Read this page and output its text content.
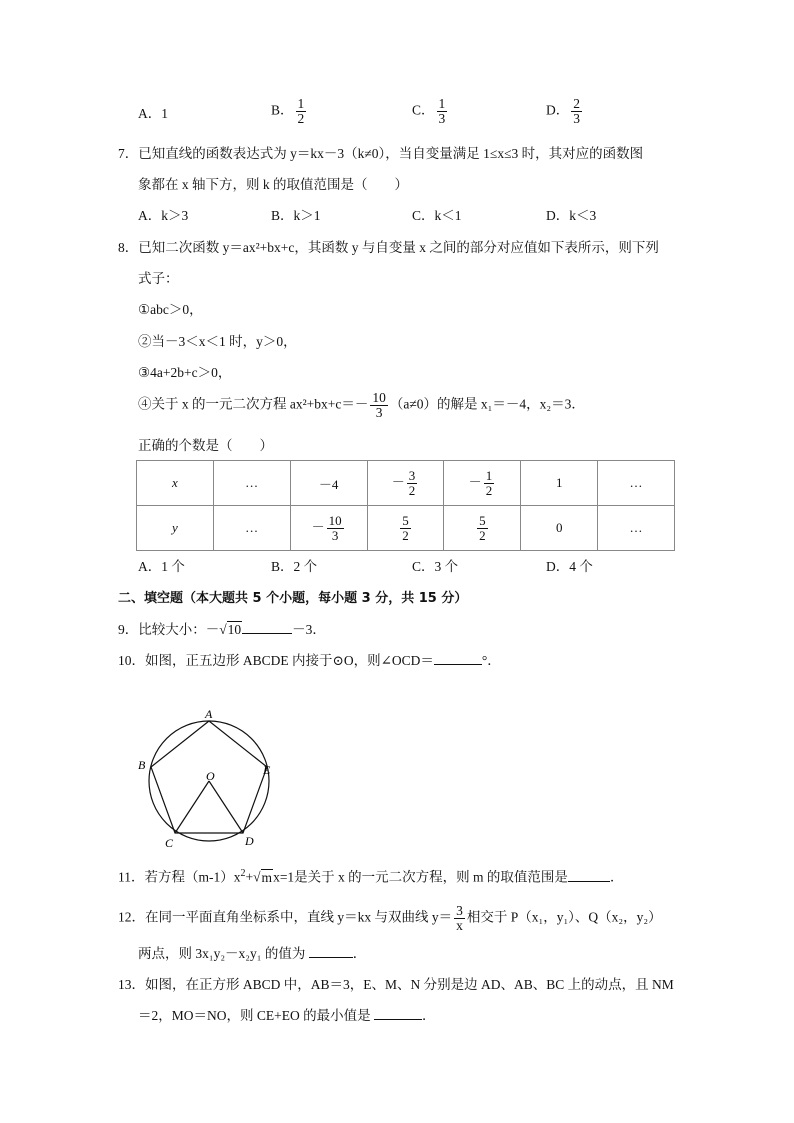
A．1	B． $\frac{1}{2}$	C． $\frac{1}{3}$	D． $\frac{2}{3}$
7．已知直线的函数表达式为 y＝kx－3（k≠0），当自变量满足 1≤x≤3 时，其对应的函数图
象都在 x 轴下方，则 k 的取值范围是（　　）
A．k＞3	B．k＞1	C．k＜1	D．k＜3
8．已知二次函数 y＝ax²+bx+c，其函数 y 与自变量 x 之间的部分对应值如下表所示，则下列
式子：
①abc＞0，
②当－3＜x＜1 时，y＞0，
③4a+2b+c＞0，
④关于 x 的一元二次方程 $ax^2+bx+c=- \frac{10}{3} (a\ne 0)$的解是 x₁＝－4，x₂＝3．
正确的个数是（　　）
x	…	－4	－ $\frac{3}{2}$	－ $\frac{1}{2}$	1	…
y	…	－ $\frac{10}{3}$	$\frac{5}{2}$	$\frac{5}{2}$	0	…
A．1 个	B．2 个	C．3 个	D．4 个
二、填空题（本大题共 5 个小题，每小题 3 分，共 15 分）
9．比较大小：－√10	－3．
10．如图，正五边形 ABCDE 内接于⊙O，则∠OCD＝	°．
A
B
C	D
E
O
11．若方程$(m-1)x^2+√mx=1$是关于 x 的一元二次方程，则 m 的取值范围是	．
12．在同一平面直角坐标系中，直线 y＝kx 与双曲线 $y= \frac{3}{x}$ 相交于 P（x₁，y₁）、Q（x₂，y₂）
两点，则 3x₁y₂－x₂y₁ 的值为	．
13．如图，在正方形 ABCD 中，AB＝3，E、M、N 分别是边 AD、AB、BC 上的动点，且 NM
＝2，MO＝NO，则 CE+EO 的最小值是	．
